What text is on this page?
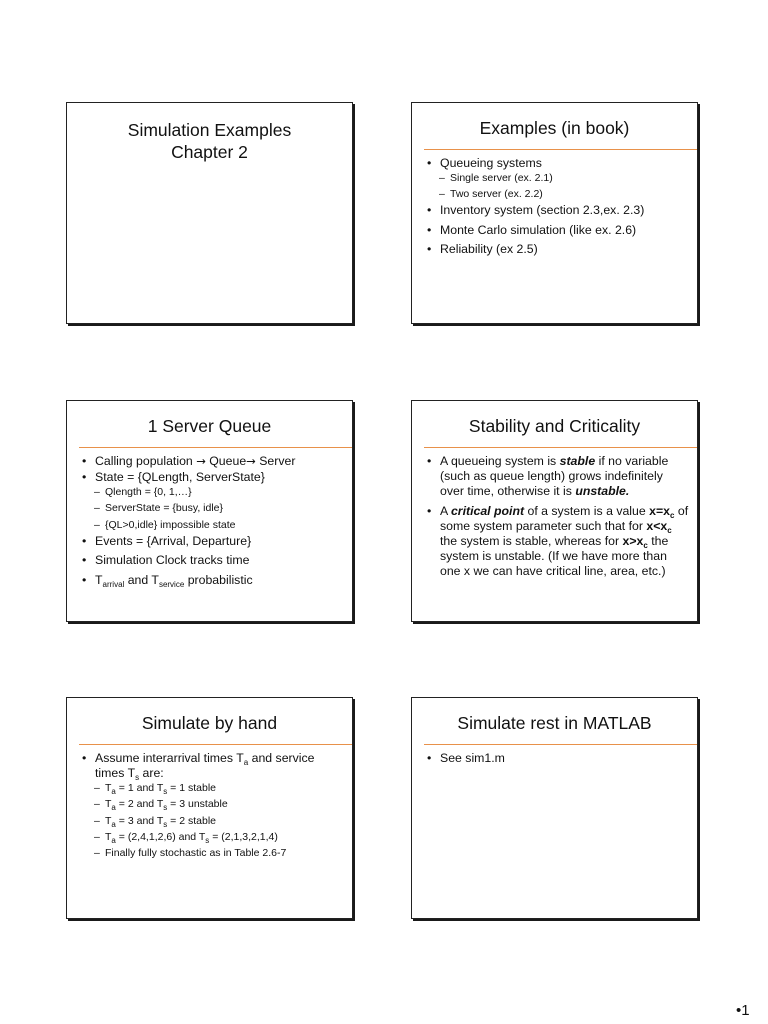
Simulation Examples
Chapter 2
Examples (in book)
• Queueing systems
– Single server (ex. 2.1)
– Two server (ex. 2.2)
• Inventory system (section 2.3,ex. 2.3)
• Monte Carlo simulation (like ex. 2.6)
• Reliability (ex 2.5)
1 Server Queue
• Calling population → Queue→ Server
• State = {QLength, ServerState}
– Qlength = {0, 1,…}
– ServerState = {busy, idle}
– {QL>0,idle} impossible state
• Events = {Arrival, Departure}
• Simulation Clock tracks time
• $T_{arrival}$ and $T_{service}$ probabilistic
Stability and Criticality
• A queueing system is stable if no variable (such as queue length) grows indefinitely over time, otherwise it is unstable.
• A critical point of a system is a value $x=x_c$ of some system parameter such that for $x<x_c$ the system is stable, whereas for $x>x_c$ the system is unstable. (If we have more than one x we can have critical line, area, etc.)
Simulate by hand
• Assume interarrival times $T_a$ and service times $T_s$ are:
– $T_a = 1$ and $T_s = 1$ stable
– $T_a = 2$ and $T_s = 3$ unstable
– $T_a = 3$ and $T_s = 2$ stable
– $T_a = (2,4,1,2,6)$ and $T_s = (2,1,3,2,1,4)$
– Finally fully stochastic as in Table 2.6-7
Simulate rest in MATLAB
• See sim1.m
•1
